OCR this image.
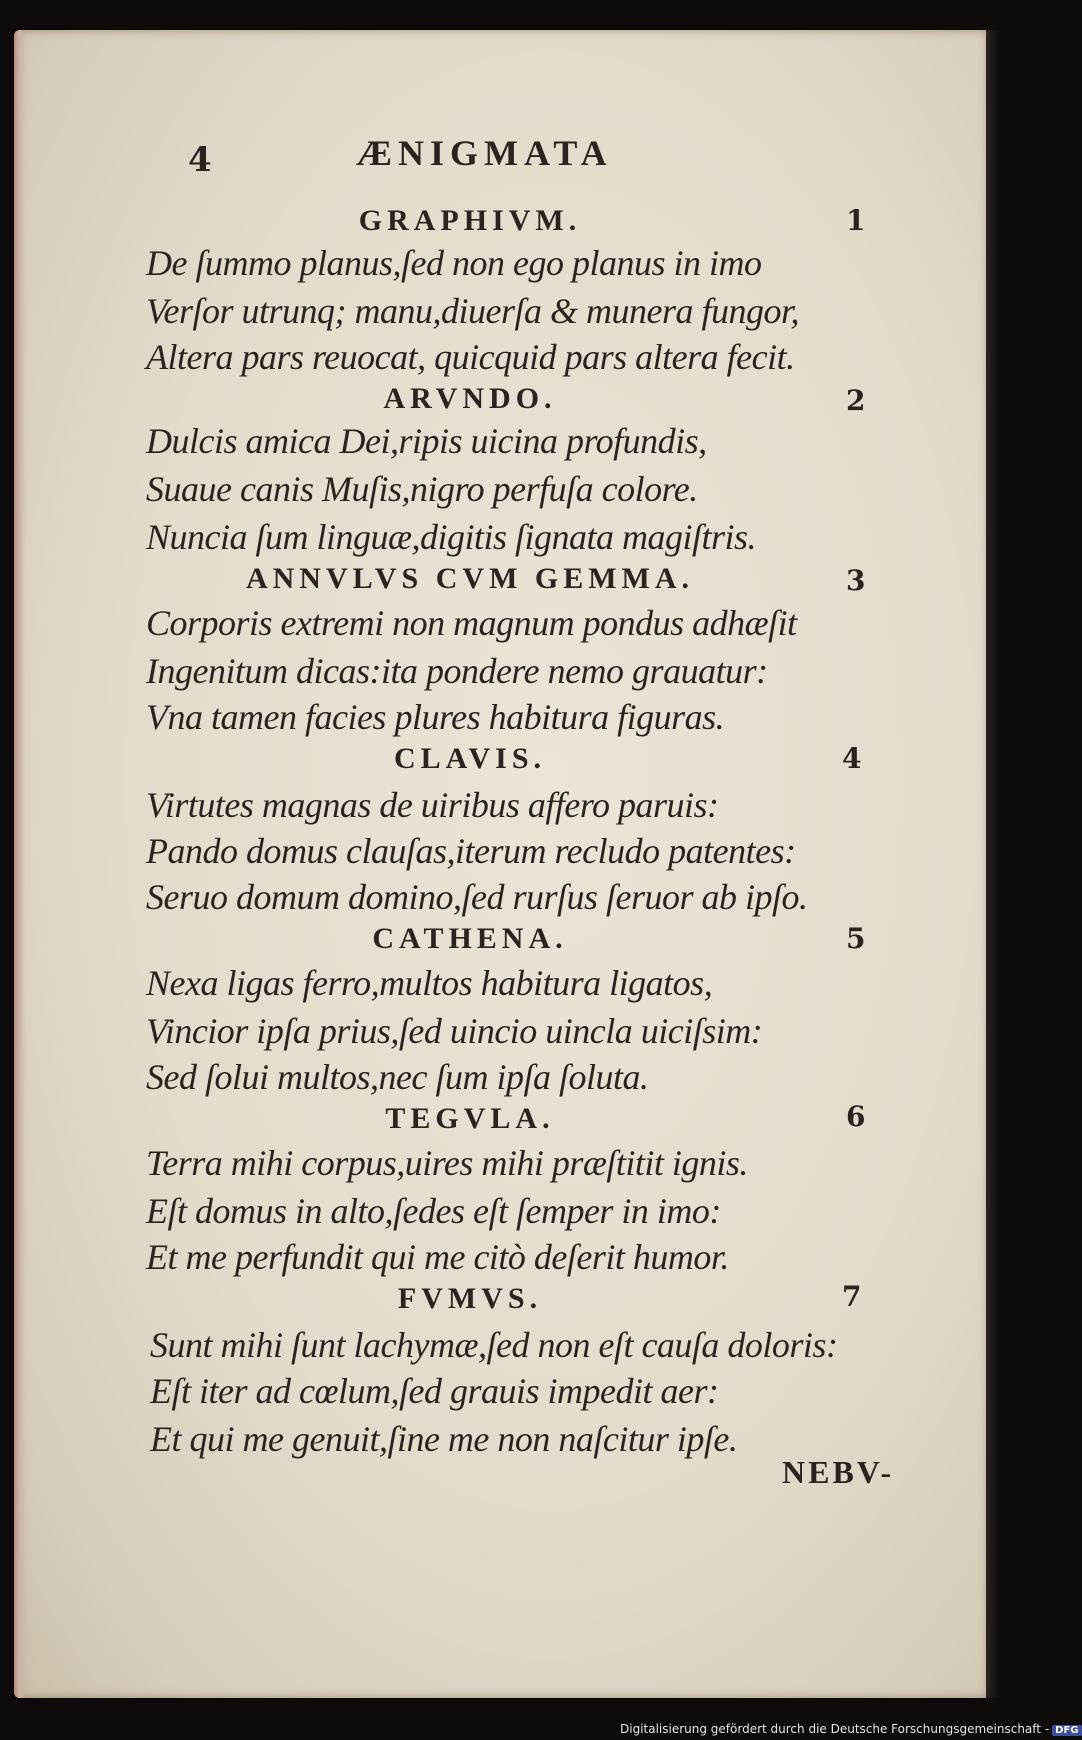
4	ÆNIGMATA
GRAPHIVM.	1
De ſummo planus,ſed non ego planus in imo
Verſor utrunq; manu,diuerſa & munera fungor,
Altera pars reuocat, quicquid pars altera fecit.
ARVNDO.	2
Dulcis amica Dei,ripis uicina profundis,
Suaue canis Muſis,nigro perfuſa colore.
Nuncia ſum linguæ,digitis ſignata magiſtris.
ANNVLVS CVM GEMMA.	3
Corporis extremi non magnum pondus adhæſit
Ingenitum dicas:ita pondere nemo grauatur:
Vna tamen facies plures habitura figuras.
CLAVIS.	4
Virtutes magnas de uiribus affero paruis:
Pando domus clauſas,iterum recludo patentes:
Seruo domum domino,ſed rurſus ſeruor ab ipſo.
CATHENA.	5
Nexa ligas ferro,multos habitura ligatos,
Vincior ipſa prius,ſed uincio uincla uiciſsim:
Sed ſolui multos,nec ſum ipſa ſoluta.
TEGVLA.	6
Terra mihi corpus,uires mihi præſtitit ignis.
Eſt domus in alto,ſedes eſt ſemper in imo:
Et me perfundit qui me citò deſerit humor.
FVMVS.	7
Sunt mihi ſunt lachymæ,ſed non eſt cauſa doloris:
Eſt iter ad cœlum,ſed grauis impedit aer:
Et qui me genuit,ſine me non naſcitur ipſe.
NEBV-
Digitalisierung gefördert durch die Deutsche Forschungsgemeinschaft - DFG
